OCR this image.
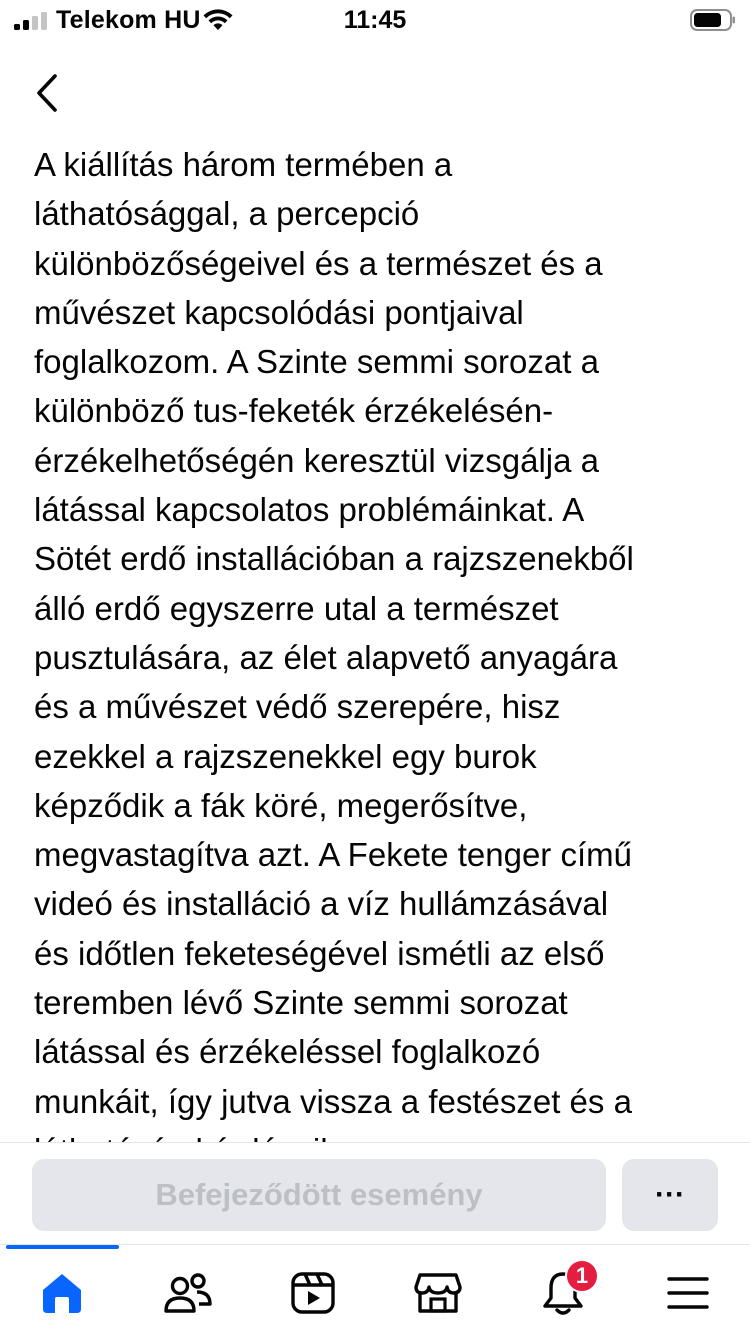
Telekom HU	11:45
A kiállítás három termében a
láthatósággal, a percepció
különbözőségeivel és a természet és a
művészet kapcsolódási pontjaival
foglalkozom. A Szinte semmi sorozat a
különböző tus-feketék érzékelésén-
érzékelhetőségén keresztül vizsgálja a
látással kapcsolatos problémáinkat. A
Sötét erdő installációban a rajzszenekből
álló erdő egyszerre utal a természet
pusztulására, az élet alapvető anyagára
és a művészet védő szerepére, hisz
ezekkel a rajzszenekkel egy burok
képződik a fák köré, megerősítve,
megvastagítva azt. A Fekete tenger című
videó és installáció a víz hullámzásával
és időtlen feketeségével ismétli az első
teremben lévő Szinte semmi sorozat
látással és érzékeléssel foglalkozó
munkáit, így jutva vissza a festészet és a

Befejeződött esemény	···
1
